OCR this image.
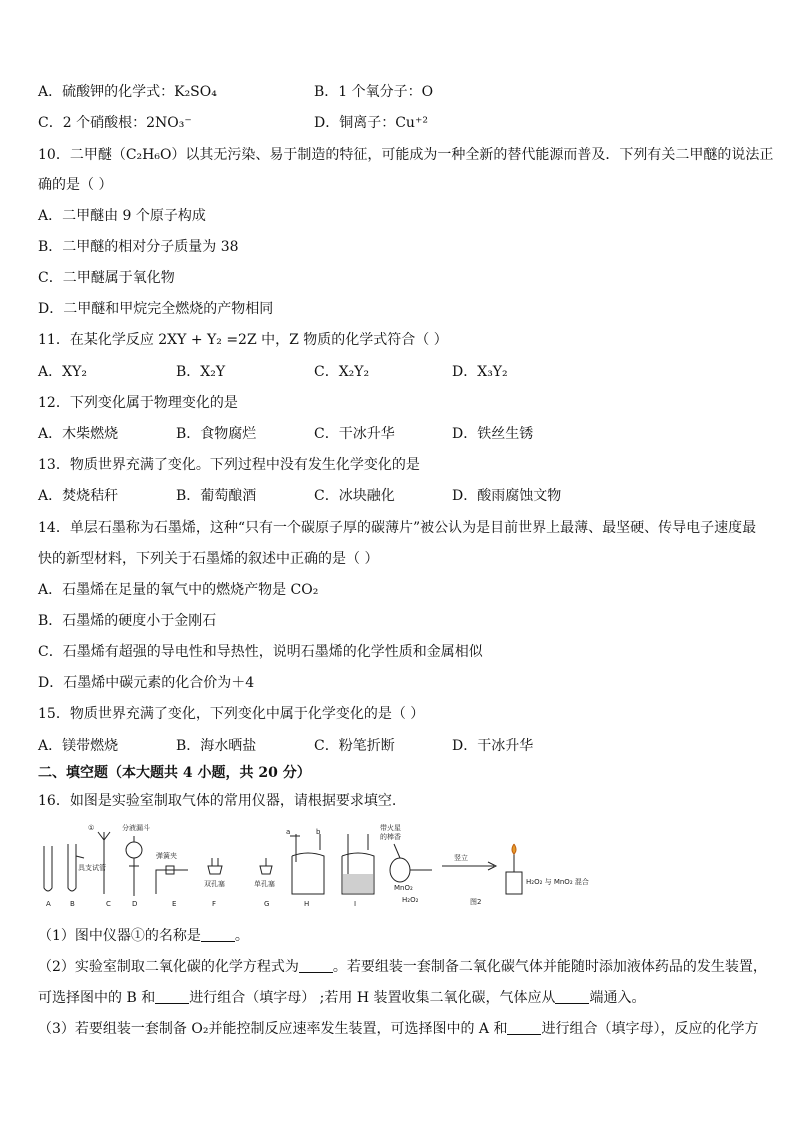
A．硫酸钾的化学式：K₂SO₄	B．1 个氧分子：O
C．2 个硝酸根：2NO₃⁻	D．铜离子：Cu⁺²
10．二甲醚（C₂H₆O）以其无污染、易于制造的特征，可能成为一种全新的替代能源而普及．下列有关二甲醚的说法正
确的是（ ）
A．二甲醚由 9 个原子构成
B．二甲醚的相对分子质量为 38
C．二甲醚属于氧化物
D．二甲醚和甲烷完全燃烧的产物相同
11．在某化学反应 2XY + Y₂ =2Z 中，Z 物质的化学式符合（ ）
A．XY₂	B．X₂Y	C．X₂Y₂	D．X₃Y₂
12．下列变化属于物理变化的是
A．木柴燃烧	B．食物腐烂	C．干冰升华	D．铁丝生锈
13．物质世界充满了变化。下列过程中没有发生化学变化的是
A．焚烧秸秆	B．葡萄酿酒	C．冰块融化	D．酸雨腐蚀文物
14．单层石墨称为石墨烯，这种“只有一个碳原子厚的碳薄片”被公认为是目前世界上最薄、最坚硬、传导电子速度最
快的新型材料，下列关于石墨烯的叙述中正确的是（ ）
A．石墨烯在足量的氧气中的燃烧产物是 CO₂
B．石墨烯的硬度小于金刚石
C．石墨烯有超强的导电性和导热性，说明石墨烯的化学性质和金属相似
D．石墨烯中碳元素的化合价为＋4
15．物质世界充满了变化，下列变化中属于化学变化的是（ ）
A．镁带燃烧	B．海水晒盐	C．粉笔折断	D．干冰升华
二、填空题（本大题共 4 小题，共 20 分）
16．如图是实验室制取气体的常用仪器，请根据要求填空.
①	分液漏斗
具支试管
弹簧夹
双孔塞	单孔塞
a	b	带火星
的棒香
MnO₂
H₂O₂
竖立
图2
H₂O₂ 与 MnO₂ 混合
A	B	C	D	E	F	G	H	I
（1）图中仪器①的名称是 。
（2）实验室制取二氧化碳的化学方程式为 。若要组装一套制备二氧化碳气体并能随时添加液体药品的发生装置，
可选择图中的 B 和 进行组合（填字母） ;若用 H 装置收集二氧化碳，气体应从 端通入。
（3）若要组装一套制备 O₂并能控制反应速率发生装置，可选择图中的 A 和 进行组合（填字母），反应的化学方
